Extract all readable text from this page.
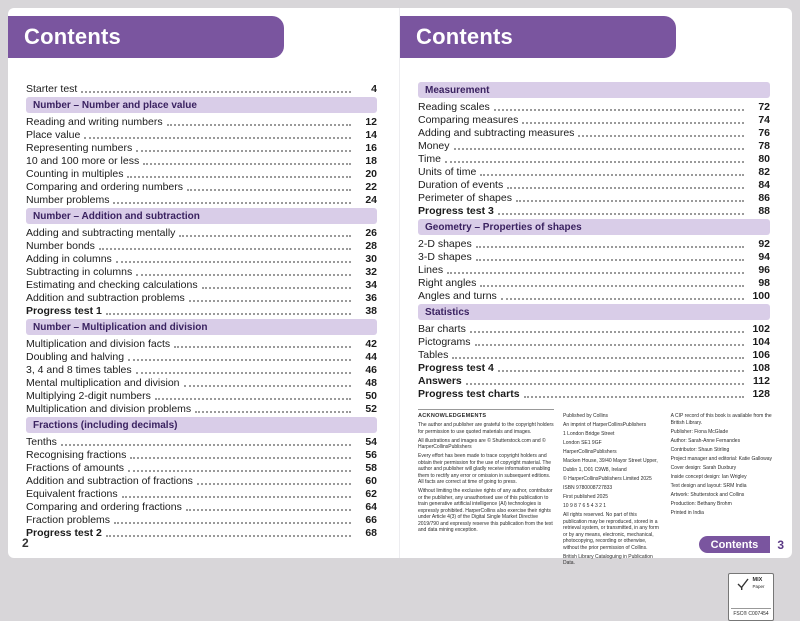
Contents
Starter test	4
Number – Number and place value
Reading and writing numbers	12
Place value	14
Representing numbers	16
10 and 100 more or less	18
Counting in multiples	20
Comparing and ordering numbers	22
Number problems	24
Number – Addition and subtraction
Adding and subtracting mentally	26
Number bonds	28
Adding in columns	30
Subtracting in columns	32
Estimating and checking calculations	34
Addition and subtraction problems	36
Progress test 1	38
Number – Multiplication and division
Multiplication and division facts	42
Doubling and halving	44
3, 4 and 8 times tables	46
Mental multiplication and division	48
Multiplying 2-digit numbers	50
Multiplication and division problems	52
Fractions (including decimals)
Tenths	54
Recognising fractions	56
Fractions of amounts	58
Addition and subtraction of fractions	60
Equivalent fractions	62
Comparing and ordering fractions	64
Fraction problems	66
Progress test 2	68
2
Contents
Measurement
Reading scales	72
Comparing measures	74
Adding and subtracting measures	76
Money	78
Time	80
Units of time	82
Duration of events	84
Perimeter of shapes	86
Progress test 3	88
Geometry – Properties of shapes
2-D shapes	92
3-D shapes	94
Lines	96
Right angles	98
Angles and turns	100
Statistics
Bar charts	102
Pictograms	104
Tables	106
Progress test 4	108
Answers	112
Progress test charts	128
ACKNOWLEDGEMENTS

The author and publisher are grateful to the copyright holders for permission to use quoted materials and images.

All illustrations and images are © Shutterstock.com and © HarperCollinsPublishers

Every effort has been made to trace copyright holders and obtain their permission for the use of copyright material. The author and publisher will gladly receive information enabling them to rectify any error or omission in subsequent editions. All facts are correct at time of going to press.

Without limiting the exclusive rights of any author, contributor or the publisher, any unauthorised use of this publication to train generative artificial intelligence (AI) technologies is expressly prohibited. HarperCollins also exercise their rights under Article 4(3) of the Digital Single Market Directive 2019/790 and expressly reserve this publication from the text and data mining exception.

Published by Collins

An imprint of HarperCollinsPublishers

1 London Bridge Street

London SE1 9GF

HarperCollinsPublishers

Macken House, 39/40 Mayor Street Upper,

Dublin 1, D01 C9W8, Ireland

© HarperCollinsPublishers Limited 2025

ISBN 9780008727833

First published 2025

10 9 8 7 6 5 4 3 2 1

All rights reserved. No part of this publication may be reproduced, stored in a retrieval system, or transmitted, in any form or by any means, electronic, mechanical, photocopying, recording or otherwise, without the prior permission of Collins.

British Library Cataloguing in Publication Data.

A CIP record of this book is available from the British Library.

Publisher: Fiona McGlade

Author: Sarah-Anne Fernandes

Contributor: Shaun Stirling

Project manager and editorial: Katie Galloway

Cover design: Sarah Duxbury

Inside concept design: Ian Wrigley

Text design and layout: SRM India

Artwork: Shutterstock and Collins

Production: Bethany Brohm

Printed in India

MIX
Paper
FSC® C007454
Contents	3
